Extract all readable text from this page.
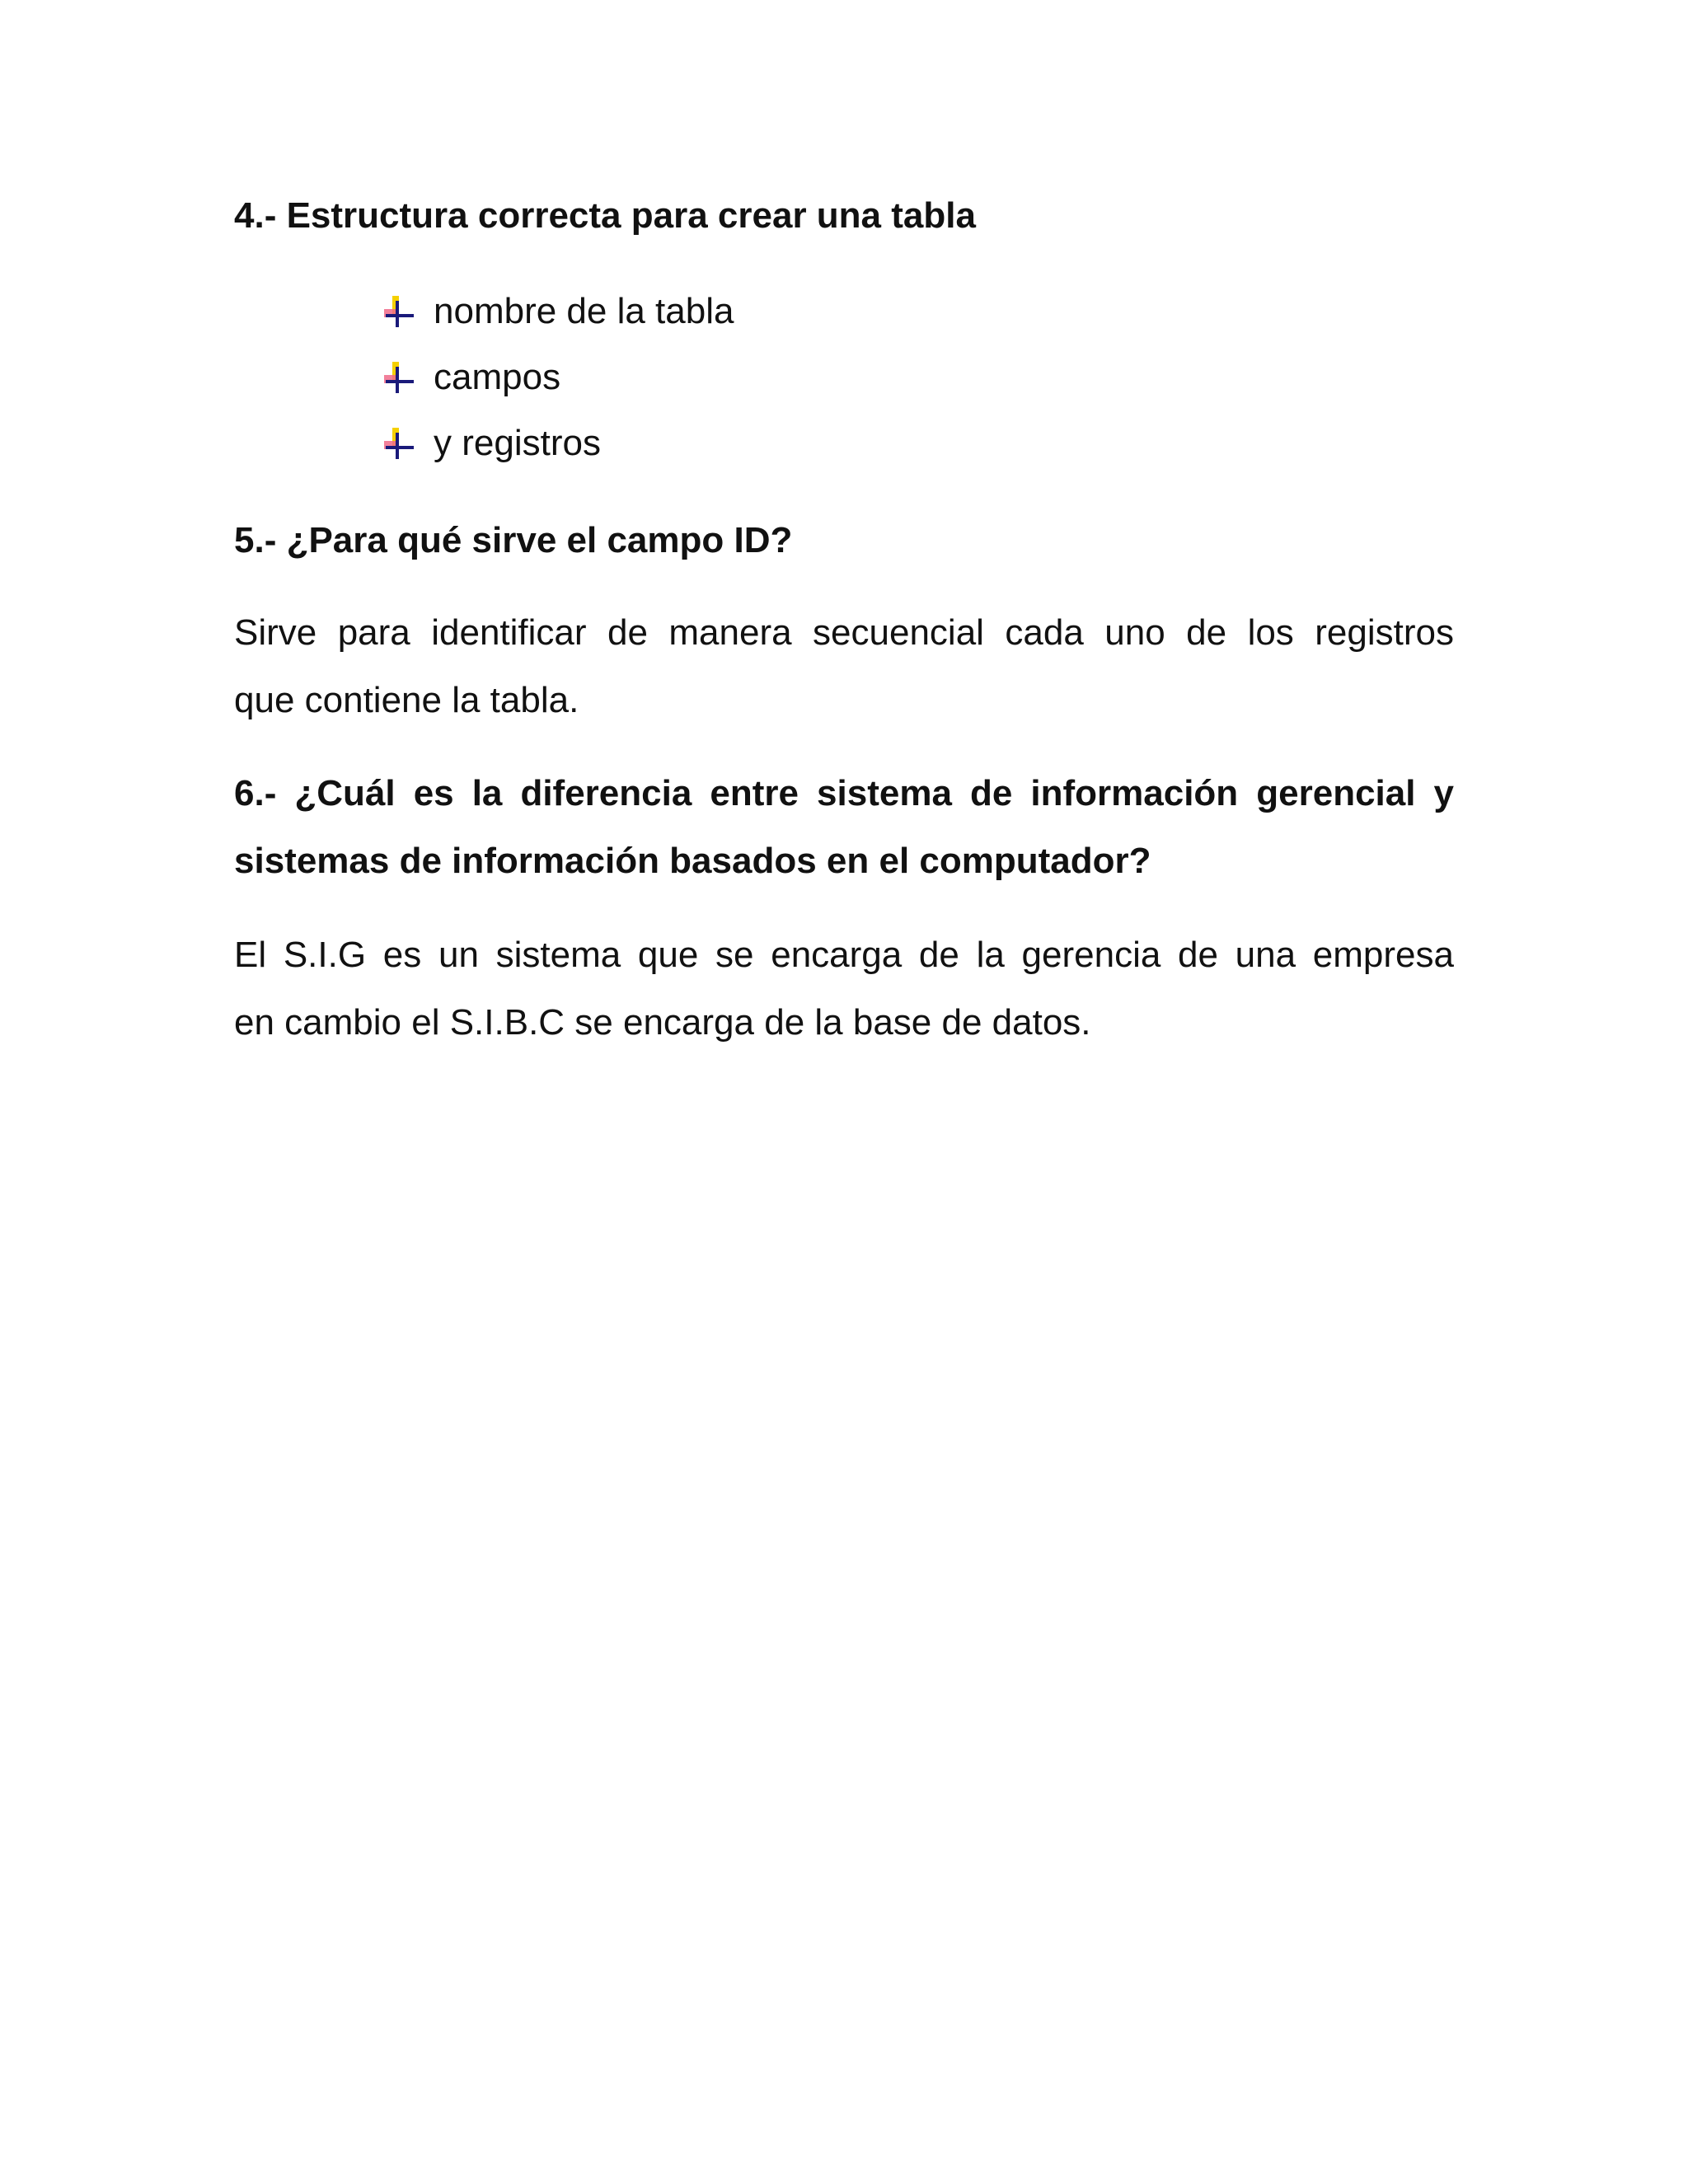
4.- Estructura correcta para crear una tabla
nombre de la tabla
campos
y registros
5.- ¿Para qué sirve el campo ID?

Sirve para identificar de manera secuencial cada uno de los registros
que contiene la tabla.

6.- ¿Cuál es la diferencia entre sistema de información gerencial y
sistemas de información basados en el computador?

El S.I.G es un sistema que se encarga de la gerencia de una empresa
en cambio el S.I.B.C se encarga de la base de datos.
